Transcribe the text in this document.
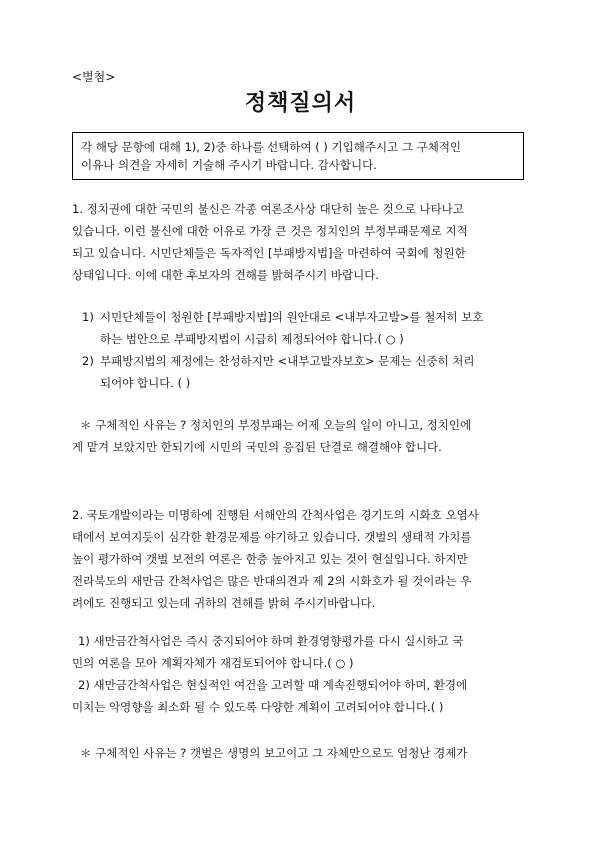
<별첨>
정책질의서
각 해당 문항에 대해 1), 2)중 하나를 선택하여 ( ) 기입해주시고 그 구체적인
이유나 의견을 자세히 기술해 주시기 바랍니다. 감사합니다.
1. 정치권에 대한 국민의 불신은 각종 여론조사상 대단히 높은 것으로 나타나고
있습니다. 이런 불신에 대한 이유로 가장 큰 것은 정치인의 부정부패문제로 지적
되고 있습니다. 시민단체들은 독자적인 [부패방지법]을 마련하여 국회에 청원한
상태입니다. 이에 대한 후보자의 견해를 밝혀주시기 바랍니다.
1) 시민단체들이 청원한 [부패방지법]의 원안대로 <내부자고발>를 철저히 보호
하는 범안으로 부패방지법이 시급히 제정되어야 합니다.( ○ )
2) 부패방지법의 제정에는 찬성하지만 <내부고발자보호> 문제는 신중히 처리
되어야 합니다. ( )
＊ 구체적인 사유는 ? 정치인의 부정부패는 어제 오늘의 일이 아니고, 정치인에
게 맡겨 보았지만 한되기에 시민의 국민의 응집된 단결로 해결해야 합니다.
2. 국토개발이라는 미명하에 진행된 서해안의 간척사업은 경기도의 시화호 오염사
태에서 보여지듯이 심각한 환경문제를 야기하고 있습니다. 갯벌의 생태적 가치를
높이 평가하여 갯벌 보전의 여론은 한층 높아지고 있는 것이 현실입니다. 하지만
전라북도의 새만금 간척사업은 많은 반대의견과 제 2의 시화호가 될 것이라는 우
려에도 진행되고 있는데 귀하의 견해를 밝혀 주시기바랍니다.
1) 새만금간척사업은 즉시 중지되어야 하며 환경영향평가를 다시 실시하고 국
민의 여론을 모아 계획자체가 재검토되어야 합니다.( ○ )
2) 새만금간척사업은 현실적인 여건을 고려할 때 계속진행되어야 하며, 환경에
미치는 악영향을 최소화 될 수 있도록 다양한 계획이 고려되어야 합니다.( )
＊ 구체적인 사유는 ? 갯벌은 생명의 보고이고 그 자체만으로도 엄청난 경제가
